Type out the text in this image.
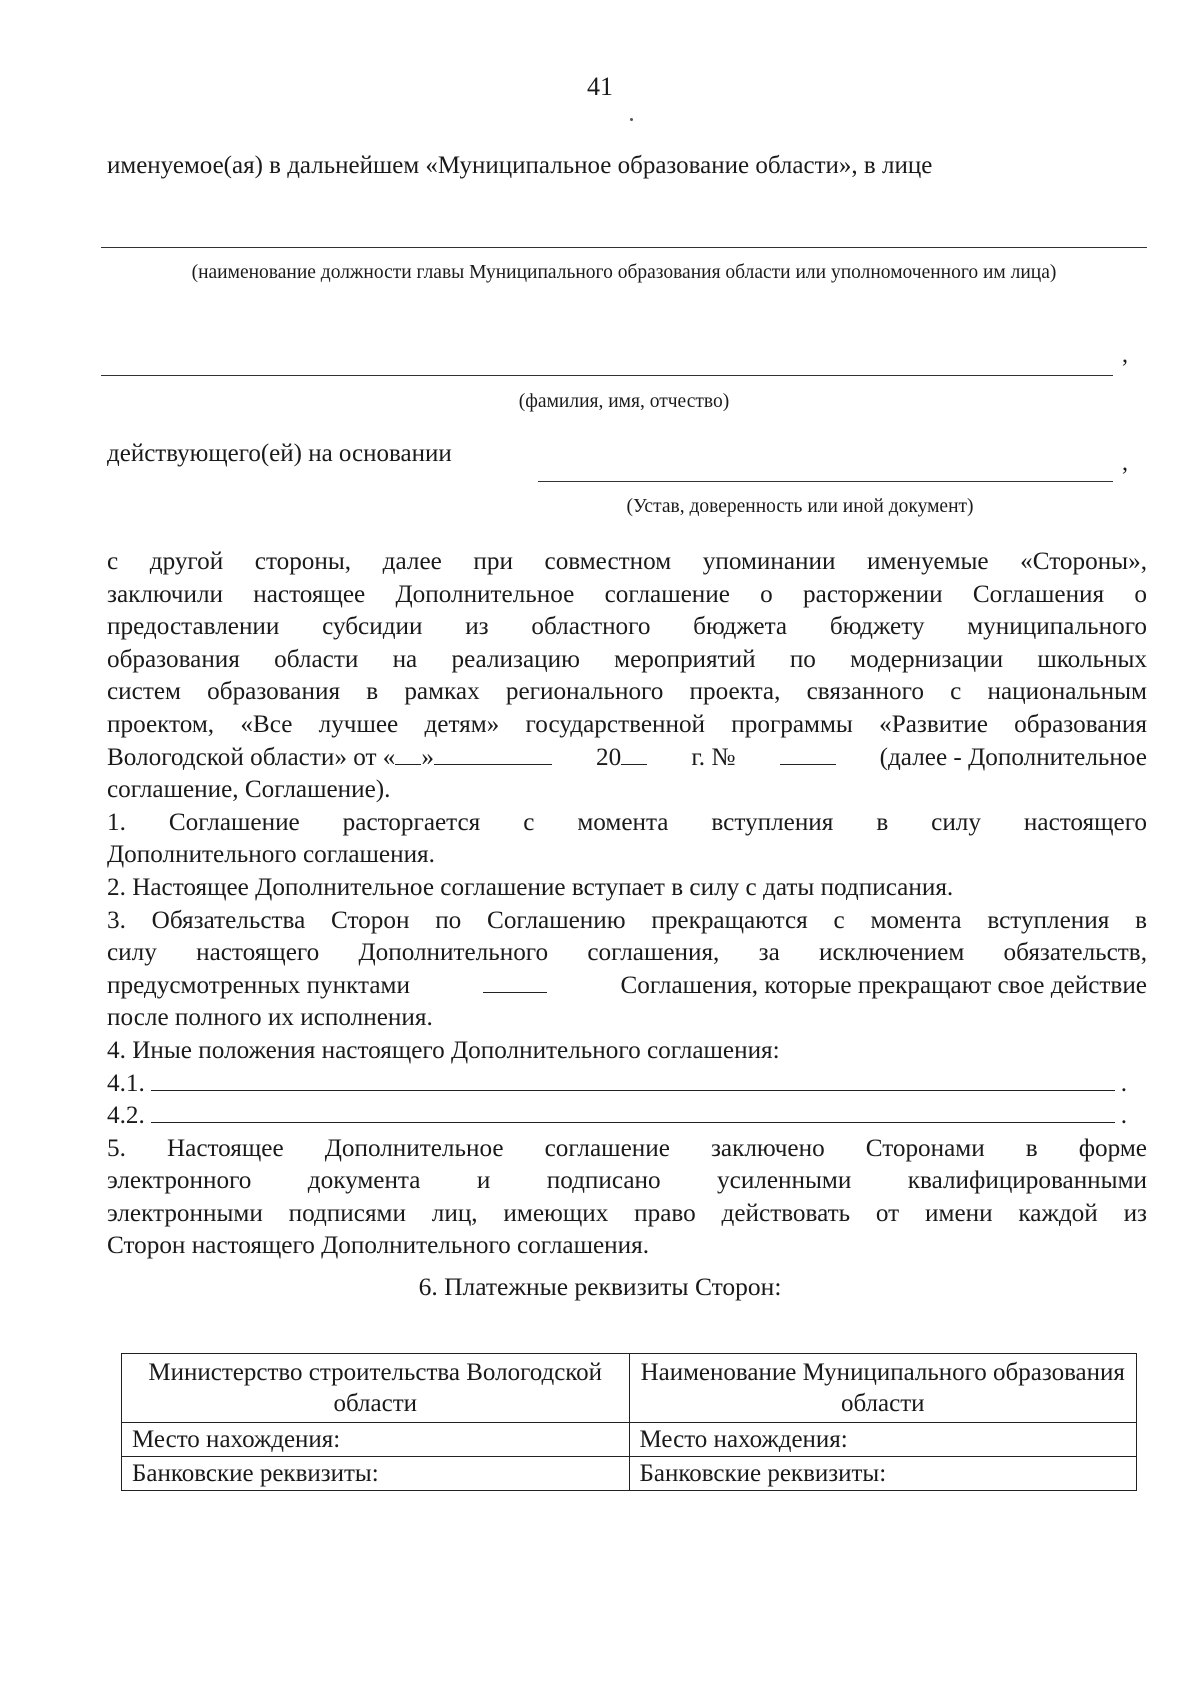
41
именуемое(ая) в дальнейшем «Муниципальное образование области», в лице
(наименование должности главы Муниципального образования области или уполномоченного им лица)
,
(фамилия, имя, отчество)
действующего(ей) на основании	,
(Устав, доверенность или иной документ)
с другой стороны, далее при совместном упоминании именуемые «Стороны»,
заключили настоящее Дополнительное соглашение о расторжении Соглашения о
предоставлении субсидии из областного бюджета бюджету муниципального
образования области на реализацию мероприятий по модернизации школьных
систем образования в рамках регионального проекта, связанного с национальным
проектом, «Все лучшее детям» государственной программы «Развитие образования
Вологодской области» от « »	20	г. №	(далее - Дополнительное
соглашение, Соглашение).
1. Соглашение расторгается с момента вступления в силу настоящего
Дополнительного соглашения.
2. Настоящее Дополнительное соглашение вступает в силу с даты подписания.
3. Обязательства Сторон по Соглашению прекращаются с момента вступления в
силу настоящего Дополнительного соглашения, за исключением обязательств,
предусмотренных пунктами	Соглашения, которые прекращают свое действие
после полного их исполнения.
4. Иные положения настоящего Дополнительного соглашения:
4.1.	.
4.2.	.
5. Настоящее Дополнительное соглашение заключено Сторонами в форме
электронного документа и подписано усиленными квалифицированными
электронными подписями лиц, имеющих право действовать от имени каждой из
Сторон настоящего Дополнительного соглашения.
6. Платежные реквизиты Сторон:
Министерство строительства Вологодской области	Наименование Муниципального образования области
Место нахождения:	Место нахождения:
Банковские реквизиты:	Банковские реквизиты:
